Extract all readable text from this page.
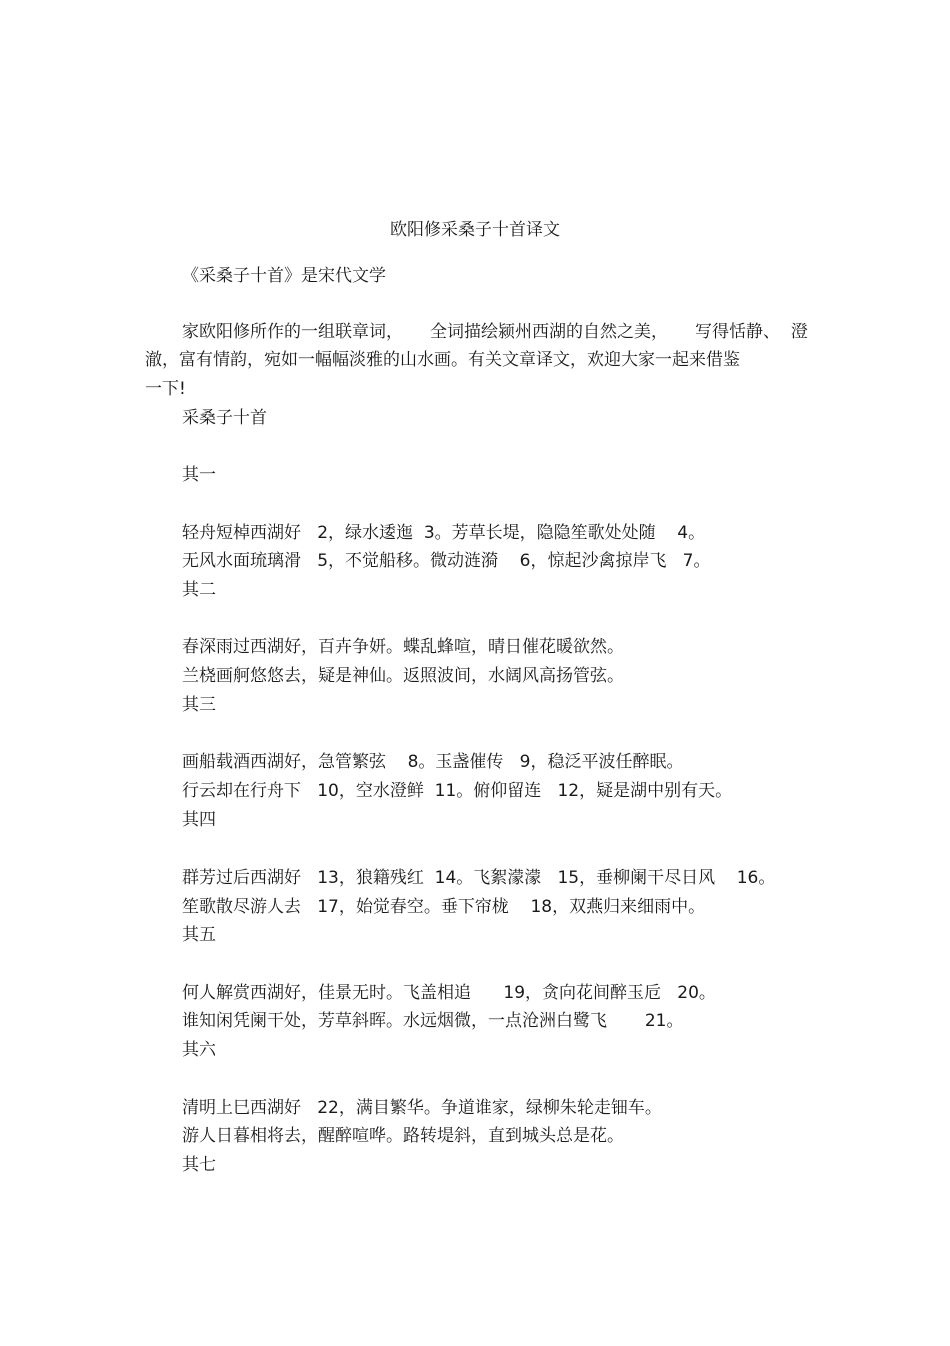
欧阳修采桑子十首译文
《采桑子十首》是宋代文学
家欧阳修所作的一组联章词，     全词描绘颍州西湖的自然之美，     写得恬静、  澄
澈，富有情韵，宛如一幅幅淡雅的山水画。有关文章译文，欢迎大家一起来借鉴
一下!
采桑子十首
其一
轻舟短棹西湖好   2，绿水逶迤  3。芳草长堤，隐隐笙歌处处随    4。
无风水面琉璃滑   5，不觉船移。微动涟漪    6，惊起沙禽掠岸飞   7。
其二
春深雨过西湖好，百卉争妍。蝶乱蜂喧，晴日催花暖欲然。
兰桡画舸悠悠去，疑是神仙。返照波间，水阔风高扬管弦。
其三
画船载酒西湖好，急管繁弦    8。玉盏催传   9，稳泛平波任醉眠。
行云却在行舟下   10，空水澄鲜  11。俯仰留连   12，疑是湖中别有天。
其四
群芳过后西湖好   13，狼籍残红  14。飞絮濛濛   15，垂柳阑干尽日风    16。
笙歌散尽游人去   17，始觉春空。垂下帘栊    18，双燕归来细雨中。
其五
何人解赏西湖好，佳景无时。飞盖相追      19，贪向花间醉玉卮   20。
谁知闲凭阑干处，芳草斜晖。水远烟微，一点沧洲白鹭飞       21。
其六
清明上巳西湖好   22，满目繁华。争道谁家，绿柳朱轮走钿车。
游人日暮相将去，醒醉喧哗。路转堤斜，直到城头总是花。
其七
